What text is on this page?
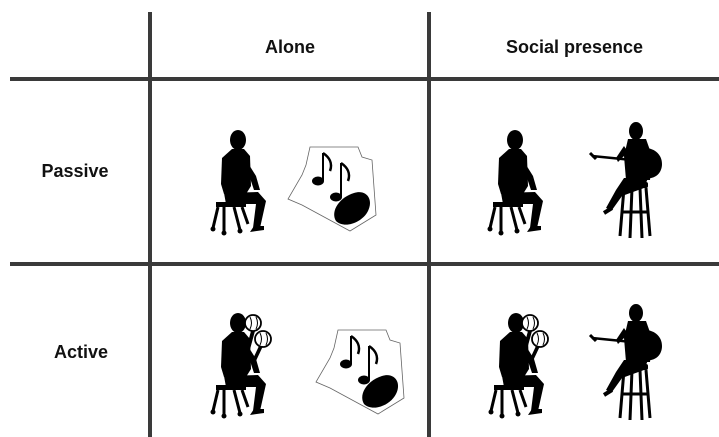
Alone	Social presence
Passive
Active
